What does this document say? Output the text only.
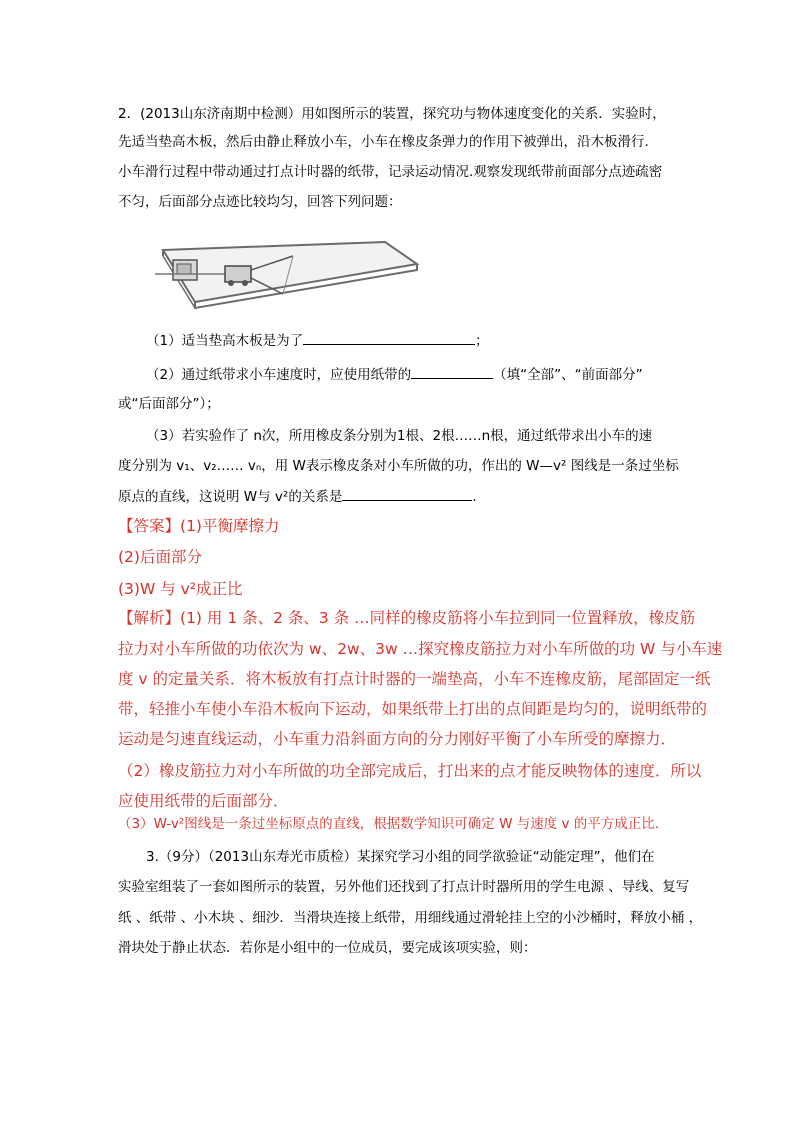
2．(2013山东济南期中检测）用如图所示的装置，探究功与物体速度变化的关系．实验时，
先适当垫高木板，然后由静止释放小车，小车在橡皮条弹力的作用下被弹出，沿木板滑行.
小车滑行过程中带动通过打点计时器的纸带，记录运动情况.观察发现纸带前面部分点迹疏密
不匀，后面部分点迹比较均匀，回答下列问题：
（1）适当垫高木板是为了	；
（2）通过纸带求小车速度时，应使用纸带的	（填“全部”、“前面部分”
或“后面部分”）；
（3）若实验作了 n次，所用橡皮条分别为1根、2根……n根，通过纸带求出小车的速
度分别为 v₁、v₂…… vₙ，用 W表示橡皮条对小车所做的功，作出的 W—v² 图线是一条过坐标
原点的直线，这说明 W与 v²的关系是	.
【答案】(1)平衡摩擦力
(2)后面部分
(3)W 与 v²成正比
【解析】(1) 用 1 条、2 条、3 条 …同样的橡皮筋将小车拉到同一位置释放，橡皮筋
拉力对小车所做的功依次为 w、2w、3w …探究橡皮筋拉力对小车所做的功 W 与小车速
度 v 的定量关系．将木板放有打点计时器的一端垫高，小车不连橡皮筋，尾部固定一纸
带，轻推小车使小车沿木板向下运动，如果纸带上打出的点间距是均匀的，说明纸带的
运动是匀速直线运动，小车重力沿斜面方向的分力刚好平衡了小车所受的摩擦力．
（2）橡皮筋拉力对小车所做的功全部完成后，打出来的点才能反映物体的速度．所以
应使用纸带的后面部分．
（3）W-v²图线是一条过坐标原点的直线，根据数学知识可确定 W 与速度 v 的平方成正比．
3.（9分）（2013山东寿光市质检）某探究学习小组的同学欲验证“动能定理”，他们在
实验室组装了一套如图所示的装置，另外他们还找到了打点计时器所用的学生电源 、导线、复写
纸 、纸带 、小木块 、细沙．当滑块连接上纸带，用细线通过滑轮挂上空的小沙桶时，释放小桶 ，
滑块处于静止状态．若你是小组中的一位成员，要完成该项实验，则：
